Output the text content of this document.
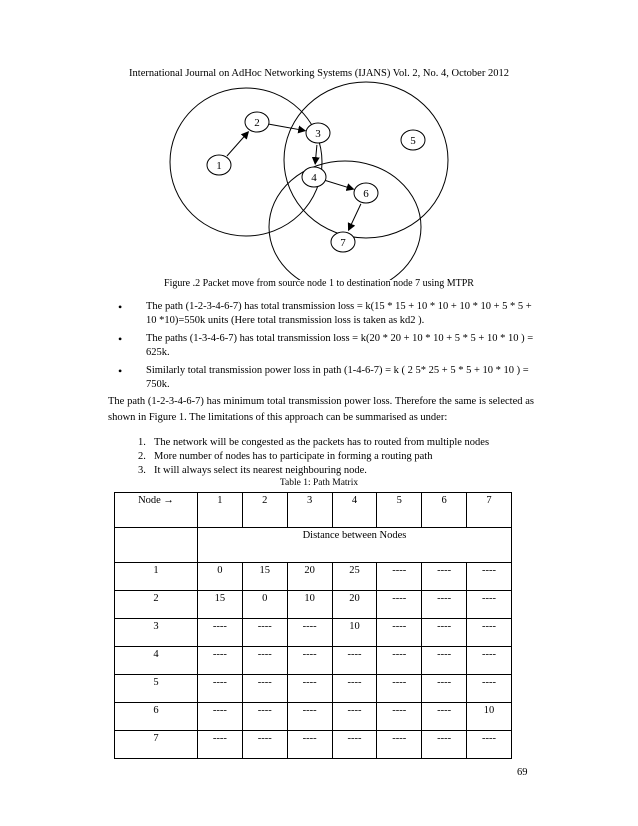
International Journal on AdHoc Networking Systems (IJANS) Vol. 2, No. 4, October 2012
1
2
3
4
5
6
7
Figure .2 Packet move from source node 1 to destination node 7 using MTPR
• The path (1-2-3-4-6-7) has total transmission loss = k(15 * 15 + 10 * 10 + 10 * 10 + 5 * 5 + 10 *10)=550k units (Here total transmission loss is taken as kd2 ).
• The paths (1-3-4-6-7) has total transmission loss = k(20 * 20 + 10 * 10 + 5 * 5 + 10 * 10 ) = 625k.
• Similarly total transmission power loss in path (1-4-6-7) = k ( 2 5* 25 + 5 * 5 + 10 * 10 ) = 750k.

The path (1-2-3-4-6-7) has minimum total transmission power loss. Therefore the same is selected as shown in Figure 1. The limitations of this approach can be summarised as under:

1. The network will be congested as the packets has to routed from multiple nodes
2. More number of nodes has to participate in forming a routing path
3. It will always select its nearest neighbouring node.
Table 1: Path Matrix
Node →	1	2	3	4	5	6	7
	Distance between Nodes						
1	0	15	20	25	----	----	----
2	15	0	10	20	----	----	----
3	----	----	----	10	----	----	----
4	----	----	----	----	----	----	----
5	----	----	----	----	----	----	----
6	----	----	----	----	----	----	10
7	----	----	----	----	----	----	----
69
